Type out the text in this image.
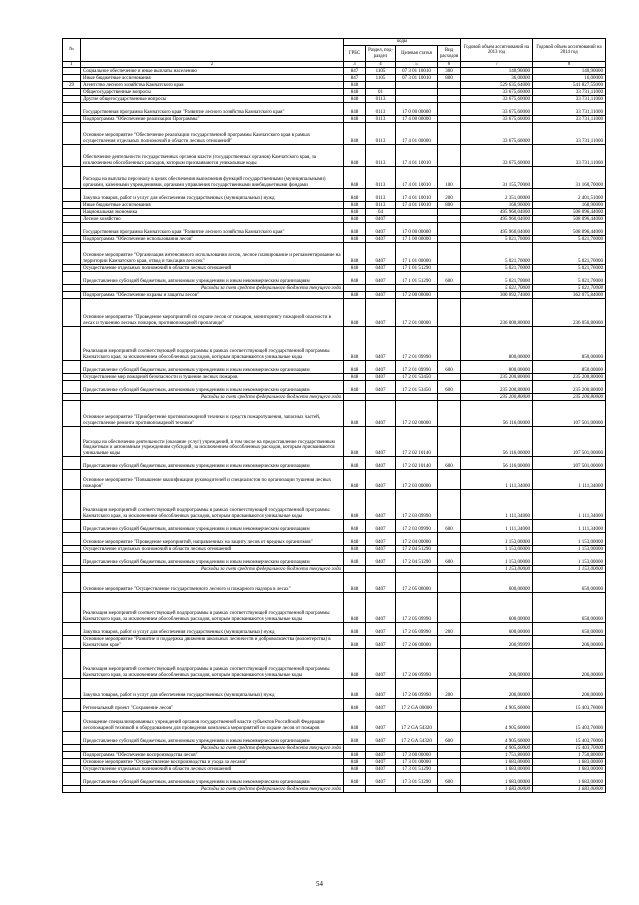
№		коды				Годовой объем ассигнований на 2013 год	Годовой объем ассигнований на 2014 год
		ГРБС	Раздел, под-раздел	Целевая статья	Вид расходов		
1	2	3	4	5	6	7	8
	Социальное обеспечение и иные выплаты населению	847	1105	07 3 01 10010	300	140,90000	140,90000
	Иные бюджетные ассигнования	847	1105	07 3 01 10010	800	36,00000	16,00000
29	Агентство лесного хозяйства Камчатского края	848				529 635,64000	541 827,55000
	Общегосударственные вопросы	848	01			33 675,60000	33 731,11000
	Другие общегосударственные вопросы	848	0113			33 675,60000	33 731,11000
	Государственная программа Камчатского края "Развитие лесного хозяйства Камчатского края"	848	0113	17 0 00 00000		33 675,60000	33 731,11000
	Подпрограмма "Обеспечение реализации Программы"	848	0113	17 4 00 00000		33 675,60000	33 731,11000
	Основное мероприятие "Обеспечение реализации государственной программы Камчатского края в рамках осуществления отдельных полномочий в области лесных отношений"	848	0113	17 4 01 00000		33 675,60000	33 731,11000
	Обеспечение деятельности государственных органов власти (государственных органов) Камчатского края, за исключением обособленных расходов, которым присваиваются уникальные коды	848	0113	17 4 01 10010		33 675,60000	33 731,11000
	Расходы на выплаты персоналу в целях обеспечения выполнения функций государственными (муниципальными) органами, казенными учреждениями, органами управления государственными внебюджетными фондами	848	0113	17 4 01 10010	100	31 155,70000	31 160,70000
	Закупка товаров, работ и услуг для обеспечения государственных (муниципальных) нужд	848	0113	17 4 01 10010	200	2 351,00000	2 401,51000
	Иные бюджетные ассигнования	848	0113	17 4 01 10010	800	168,90000	168,90000
	Национальная экономика	848	04			495 960,04000	508 096,44000
	Лесное хозяйство	848	0407			495 960,04000	508 096,44000
	Государственная программа Камчатского края "Развитие лесного хозяйства Камчатского края"	848	0407	17 0 00 00000		495 960,04000	508 096,44000
	Подпрограмма "Обеспечение использования лесов"	848	0407	17 1 00 00000		5 021,70000	5 021,70000
	Основное мероприятие "Организация интенсивного использования лесов, лесное планирование и регламентирование на территории Камчатского края, отвод и таксация лесосек"	848	0407	17 1 01 00000		5 021,70000	5 021,70000
	Осуществление отдельных полномочий в области лесных отношений	848	0407	17 1 01 51290		5 021,70000	5 021,70000
	Предоставление субсидий бюджетным, автономным учреждениям и иным некоммерческим организациям	848	0407	17 1 01 51290	600	5 021,70000	5 021,70000
	Расходы за счет средств федерального бюджета текущего года					5 021,70000	5 021,70000
	Подпрограмма "Обеспечение охраны и защиты лесов"	848	0407	17 2 00 00000		300 092,74000	362 075,84000
	Основное мероприятие "Проведение мероприятий по охране лесов от пожаров, мониторингу пожарной опасности в лесах и тушению лесных пожаров, противопожарной пропаганде"	848	0407	17 2 01 00000		236 000,80000	236 050,80000
	Реализация мероприятий соответствующей подпрограммы в рамках соответствующей государственной программы Камчатского края, за исключением обособленных расходов, которым присваиваются уникальные коды	848	0407	17 2 01 09990		800,00000	850,00000
	Предоставление субсидий бюджетным, автономным учреждениям и иным некоммерческим организациям	848	0407	17 2 01 09990	600	800,00000	850,00000
	Осуществление мер пожарной безопасности и тушение лесных пожаров	848	0407	17 2 01 53450		235 200,80000	235 200,80000
	Предоставление субсидий бюджетным, автономным учреждениям и иным некоммерческим организациям	848	0407	17 2 01 53450	600	235 200,80000	235 200,80000
	Расходы за счет средств федерального бюджета текущего года					235 200,80000	235 200,80000
	Основное мероприятие "Приобретение противопожарной техники и средств пожаротушения, запасных частей, осуществление ремонта противопожарной техники"	848	0407	17 2 02 00000		56 116,00000	107 501,00000
	Расходы на обеспечение деятельности (оказание услуг) учреждений, в том числе на предоставление государственным бюджетным и автономным учреждениям субсидий, за исключением обособленных расходов, которым присваиваются уникальные коды	848	0407	17 2 02 10140		56 116,00000	107 501,00000
	Предоставление субсидий бюджетным, автономным учреждениям и иным некоммерческим организациям	848	0407	17 2 02 10140	600	56 116,00000	107 501,00000
	Основное мероприятие "Повышение квалификации руководителей и специалистов по организации тушения лесных пожаров"	848	0407	17 2 03 00000		1 111,34000	1 111,34000
	Реализация мероприятий соответствующей подпрограммы в рамках соответствующей государственной программы Камчатского края, за исключением обособленных расходов, которым присваиваются уникальные коды	848	0407	17 2 03 09990		1 111,34000	1 111,34000
	Предоставление субсидий бюджетным, автономным учреждениям и иным некоммерческим организациям	848	0407	17 2 03 09990	600	1 111,34000	1 111,34000
	Основное мероприятие "Проведение мероприятий, направленных на защиту лесов от вредных организмов"	848	0407	17 2 04 00000		1 153,00000	1 153,00000
	Осуществление отдельных полномочий в области лесных отношений	848	0407	17 2 04 51290		1 153,00000	1 153,00000
	Предоставление субсидий бюджетным, автономным учреждениям и иным некоммерческим организациям	848	0407	17 2 04 51290	600	1 153,00000	1 153,00000
	Расходы за счет средств федерального бюджета текущего года					1 153,00000	1 153,00000
	Основное мероприятие "Осуществление государственного лесного и пожарного надзора в лесах"	848	0407	17 2 05 00000		600,00000	650,00000
	Реализация мероприятий соответствующей подпрограммы в рамках соответствующей государственной программы Камчатского края, за исключением обособленных расходов, которым присваиваются уникальные коды	848	0407	17 2 05 09990		600,00000	650,00000
	Закупка товаров, работ и услуг для обеспечения государственных (муниципальных) нужд	848	0407	17 2 05 09990	200	600,00000	650,00000
	Основное мероприятие "Развитие и поддержка движения школьных лесничеств и добровольчества (волонтерства) в Камчатском крае"	848	0407	17 2 06 00000		206,99999	206,00000
	Реализация мероприятий соответствующей подпрограммы в рамках соответствующей государственной программы Камчатского края, за исключением обособленных расходов, которым присваиваются уникальные коды	848	0407	17 2 06 09990		206,00000	206,00000
	Закупка товаров, работ и услуг для обеспечения государственных (муниципальных) нужд	848	0407	17 2 06 09990	200	206,00000	206,00000
	Региональный проект "Сохранение лесов"	848	0407	17 2 GA 00000		4 905,60000	15 403,70000
	Оснащение специализированных учреждений органов государственной власти субъектов Российской Федерации лесопожарной техникой и оборудованием для проведения комплекса мероприятий по охране лесов от пожаров	848	0407	17 2 GA 54320		4 905,60000	15 403,70000
	Предоставление субсидий бюджетным, автономным учреждениям и иным некоммерческим организациям	848	0407	17 2 GA 54320	600	4 905,60000	15 403,70000
	Расходы за счет средств федерального бюджета текущего года					4 905,60000	15 403,70000
	Подпрограмма "Обеспечение воспроизводства лесов"	848	0407	17 3 00 00000		1 751,80000	1 750,80000
	Основное мероприятие "Осуществление воспроизводства и ухода за лесами"	848	0407	17 3 01 00000		1 683,00000	1 683,00000
	Осуществление отдельных полномочий в области лесных отношений	848	0407	17 3 01 51290		1 683,00000	1 683,00000
	Предоставление субсидий бюджетным, автономным учреждениям и иным некоммерческим организациям	848	0407	17 3 01 51290	600	1 683,00000	1 683,00000
	Расходы за счет средств федерального бюджета текущего года					1 683,00000	1 683,00000
54
